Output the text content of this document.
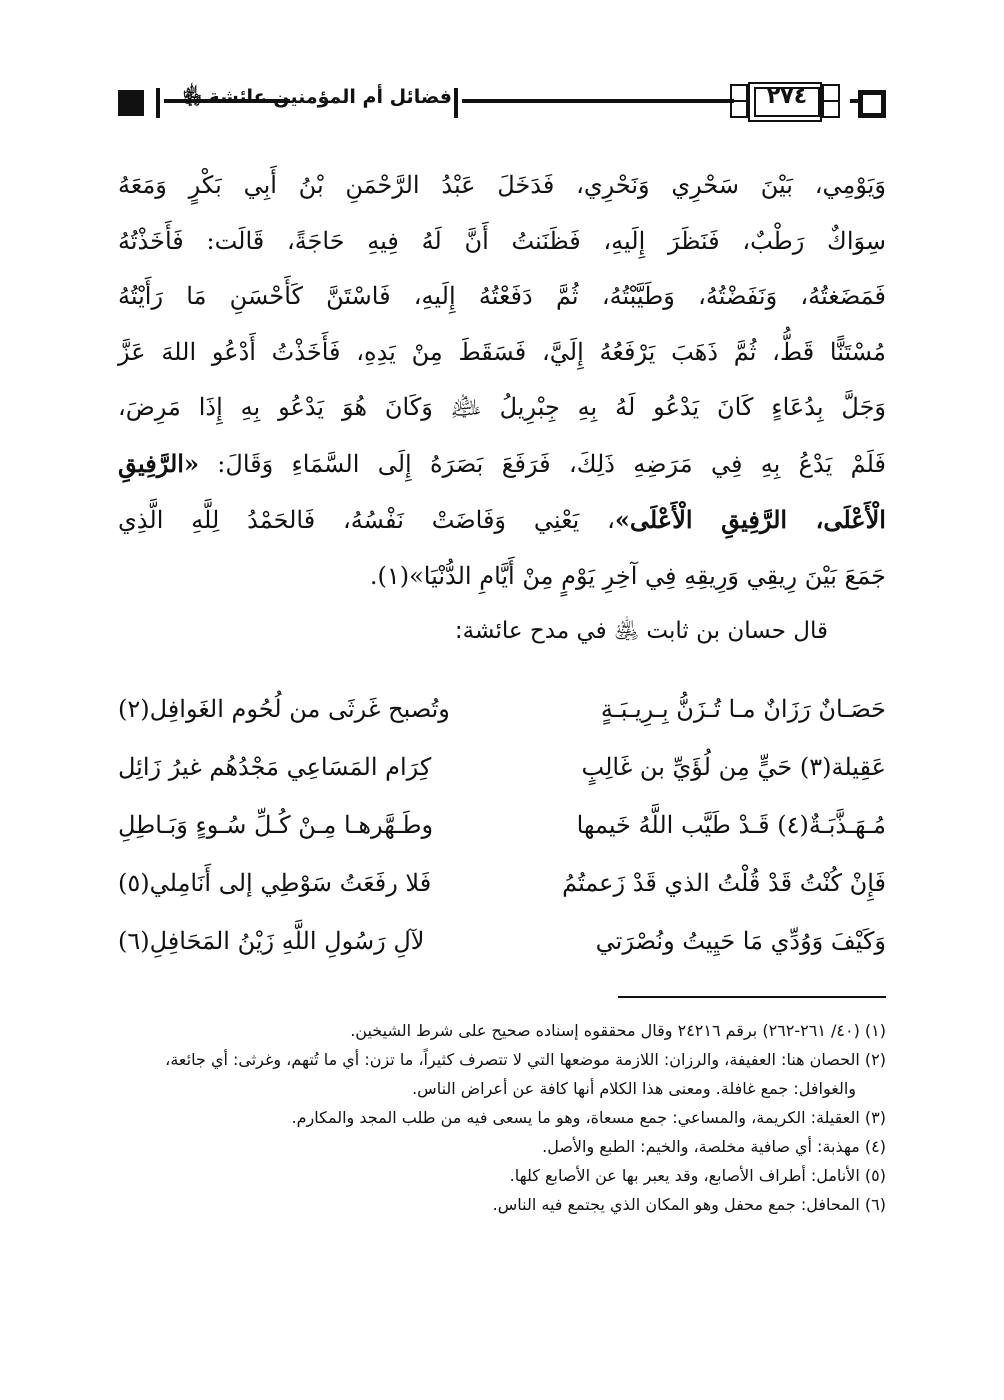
فضائل أم المؤمنين عائشة ﵂	٢٧٤
وَيَوْمِي، بَيْنَ سَحْرِي وَنَحْرِي، فَدَخَلَ عَبْدُ الرَّحْمَنِ بْنُ أَبِي بَكْرٍ وَمَعَهُ
سِوَاكٌ رَطْبٌ، فَنَظَرَ إِلَيهِ، فَظَنَنتُ أَنَّ لَهُ فِيهِ حَاجَةً، قَالَت: فَأَخَذْتُهُ
فَمَضَغتُهُ، وَنَفَضْتُهُ، وَطَيَّبْتُهُ، ثُمَّ دَفَعْتُهُ إِلَيهِ، فَاسْتَنَّ كَأَحْسَنِ مَا رَأَيْتُهُ
مُسْتَنًّا قَطُّ، ثُمَّ ذَهَبَ يَرْفَعُهُ إِلَيَّ، فَسَقَطَ مِنْ يَدِهِ، فَأَخَذْتُ أَدْعُو اللهَ عَزَّ
وَجَلَّ بِدُعَاءٍ كَانَ يَدْعُو لَهُ بِهِ جِبْرِيلُ ﵇ وَكَانَ هُوَ يَدْعُو بِهِ إِذَا مَرِضَ،
فَلَمْ يَدْعُ بِهِ فِي مَرَضِهِ ذَلِكَ، فَرَفَعَ بَصَرَهُ إِلَى السَّمَاءِ وَقَالَ: «الرَّفِيقِ
الْأَعْلَى، الرَّفِيقِ الْأَعْلَى»، يَعْنِي وَفَاضَتْ نَفْسُهُ، فَالحَمْدُ لِلَّهِ الَّذِي
جَمَعَ بَيْنَ رِيقِي وَرِيقِهِ فِي آخِرِ يَوْمٍ مِنْ أَيَّامِ الدُّنْيَا»(١).
قال حسان بن ثابت ﵁ في مدح عائشة:
حَصَـانٌ رَزَانٌ مـا تُـزَنُّ بِـرِيـبَـةٍ
وتُصبح غَرثَى من لُحُوم الغَوافِل(٢)
عَقِيلة(٣) حَيٍّ مِن لُؤَيِّ بن غَالِبٍ
كِرَام المَسَاعِي مَجْدُهُم غيرُ زَائِل
مُـهَـذَّبَـةٌ(٤) قَـدْ طَيَّب اللَّهُ خَيمها
وطَـهَّرهـا مِـنْ كُـلِّ سُـوءٍ وَبَـاطِلِ
فَإِنْ كُنْتُ قَدْ قُلْتُ الذي قَدْ زَعمتُمُ
فَلا رفَعَتُ سَوْطِي إلى أَنَامِلي(٥)
وَكَيْفَ وَوُدِّي مَا حَيِيتُ ونُصْرَتي
لآلِ رَسُولِ اللَّهِ زَيْنُ المَحَافِلِ(٦)

(١) (٤٠/ ٢٦١-٢٦٢) برقم ٢٤٢١٦ وقال محققوه إسناده صحيح على شرط الشيخين.

(٢) الحصان هنا: العفيفة، والرزان: اللازمة موضعها التي لا تتصرف كثيراً، ما تزن: أي ما تُتهم، وغرثى: أي جائعة، والغوافل: جمع غافلة. ومعنى هذا الكلام أنها كافة عن أعراض الناس.

(٣) العقيلة: الكريمة، والمساعي: جمع مسعاة، وهو ما يسعى فيه من طلب المجد والمكارم.

(٤) مهذبة: أي صافية مخلصة، والخيم: الطبع والأصل.

(٥) الأنامل: أطراف الأصابع، وقد يعبر بها عن الأصابع كلها.

(٦) المحافل: جمع محفل وهو المكان الذي يجتمع فيه الناس.
